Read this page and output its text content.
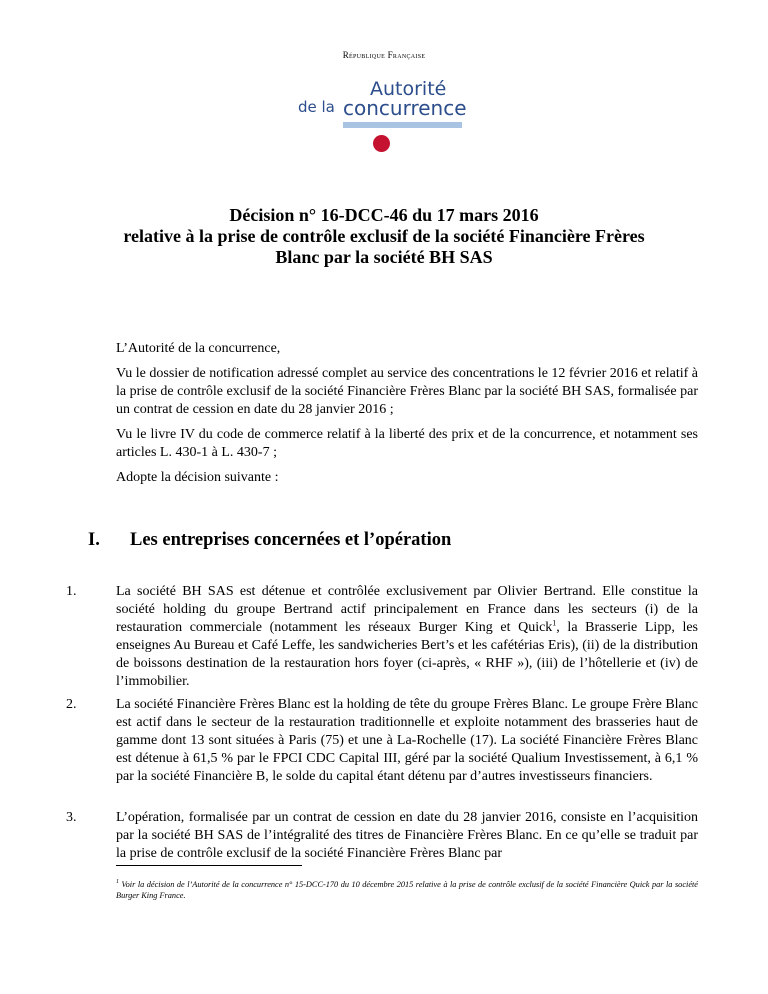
République Française
Autorité
de la concurrence
Décision n° 16-DCC-46 du 17 mars 2016
relative à la prise de contrôle exclusif de la société Financière Frères
Blanc par la société BH SAS

L’Autorité de la concurrence,

Vu le dossier de notification adressé complet au service des concentrations le 12 février 2016 et relatif à la prise de contrôle exclusif de la société Financière Frères Blanc par la société BH SAS, formalisée par un contrat de cession en date du 28 janvier 2016 ;

Vu le livre IV du code de commerce relatif à la liberté des prix et de la concurrence, et notamment ses articles L. 430-1 à L. 430-7 ;

Adopte la décision suivante :

I. Les entreprises concernées et l’opération
1.	La société BH SAS est détenue et contrôlée exclusivement par Olivier Bertrand. Elle constitue la société holding du groupe Bertrand actif principalement en France dans les secteurs (i) de la restauration commerciale (notamment les réseaux Burger King et Quick$^1$, la Brasserie Lipp, les enseignes Au Bureau et Café Leffe, les sandwicheries Bert’s et les cafétérias Eris), (ii) de la distribution de boissons destination de la restauration hors foyer (ci-après, « RHF »), (iii) de l’hôtellerie et (iv) de l’immobilier.
2.	La société Financière Frères Blanc est la holding de tête du groupe Frères Blanc. Le groupe Frère Blanc est actif dans le secteur de la restauration traditionnelle et exploite notamment des brasseries haut de gamme dont 13 sont situées à Paris (75) et une à La-Rochelle (17). La société Financière Frères Blanc est détenue à 61,5 % par le FPCI CDC Capital III, géré par la société Qualium Investissement, à 6,1 % par la société Financière B, le solde du capital étant détenu par d’autres investisseurs financiers.
3.	L’opération, formalisée par un contrat de cession en date du 28 janvier 2016, consiste en l’acquisition par la société BH SAS de l’intégralité des titres de Financière Frères Blanc. En ce qu’elle se traduit par la prise de contrôle exclusif de la société Financière Frères Blanc par
$^1$ Voir la décision de l’Autorité de la concurrence n° 15-DCC-170 du 10 décembre 2015 relative à la prise de contrôle exclusif de la société Financière Quick par la société Burger King France.
